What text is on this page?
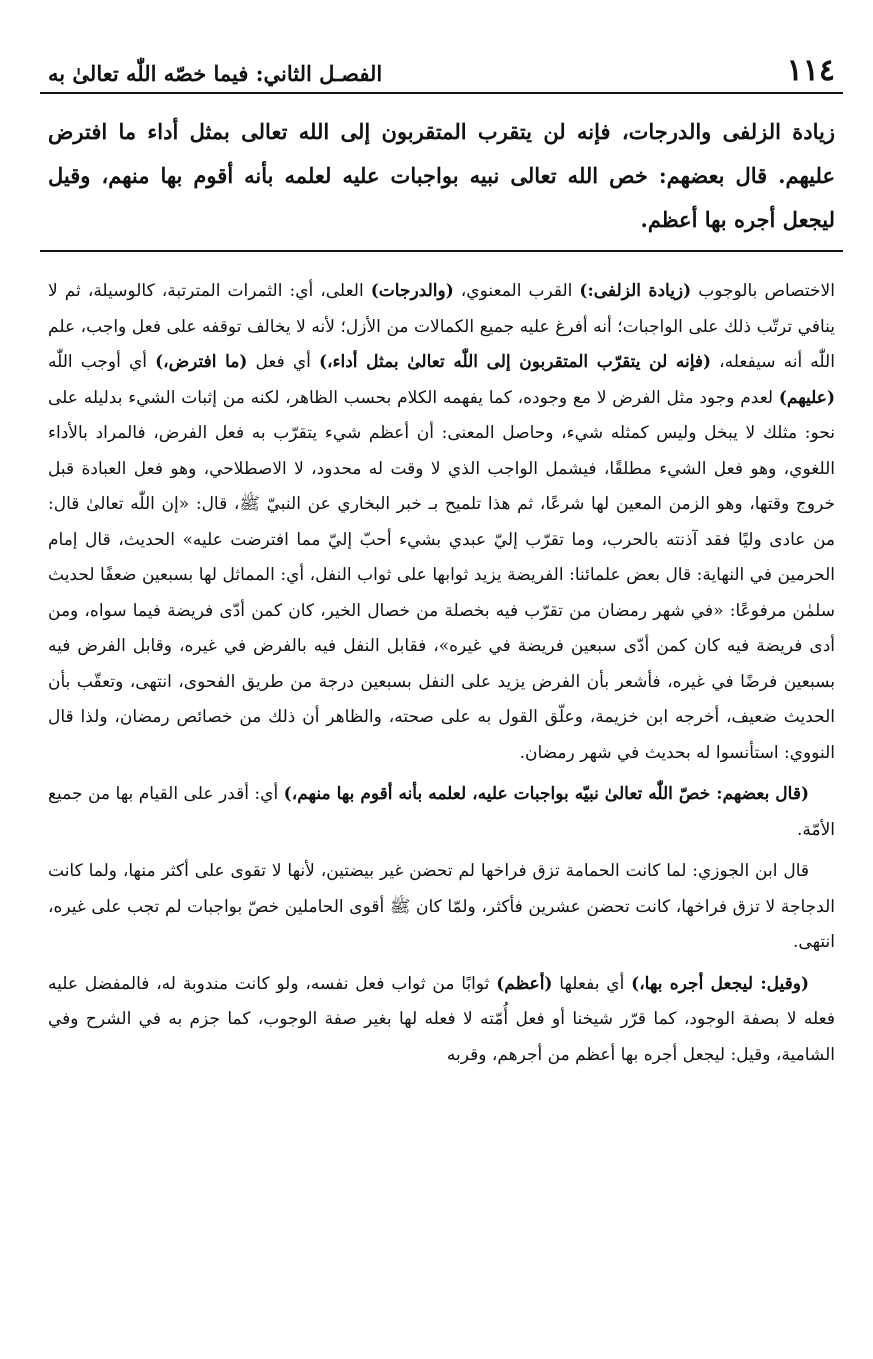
١١٤
الفصـل الثاني: فيما خصّه اللّٰه تعالىٰ به

زيادة الزلفى والدرجات، فإنه لن يتقرب المتقربون إلى الله تعالى بمثل أداء ما افترض عليهم. قال بعضهم: خص الله تعالى نبيه بواجبات عليه لعلمه بأنه أقوم بها منهم، وقيل ليجعل أجره بها أعظم.

الاختصاص بالوجوب (زيادة الزلفى:) القرب المعنوي، (والدرجات) العلى، أي: الثمرات المترتبة، كالوسيلة، ثم لا ينافي ترتّب ذلك على الواجبات؛ أنه أفرغ عليه جميع الكمالات من الأزل؛ لأنه لا يخالف توقفه على فعل واجب، علم اللّٰه أنه سيفعله، (فإنه لن يتقرّب المتقربون إلى اللّٰه تعالىٰ بمثل أداء،) أي فعل (ما افترض،) أي أوجب اللّٰه (عليهم) لعدم وجود مثل الفرض لا مع وجوده، كما يفهمه الكلام بحسب الظاهر، لكنه من إثبات الشيء بدليله على نحو: مثلك لا يبخل وليس كمثله شيء، وحاصل المعنى: أن أعظم شيء يتقرّب به فعل الفرض، فالمراد بالأداء اللغوي، وهو فعل الشيء مطلقًا، فيشمل الواجب الذي لا وقت له محدود، لا الاصطلاحي، وهو فعل العبادة قبل خروج وقتها، وهو الزمن المعين لها شرعًا، ثم هذا تلميح بـ خبر البخاري عن النبيّ ﷺ، قال: «إن اللّٰه تعالىٰ قال: من عادى وليًا فقد آذنته بالحرب، وما تقرّب إليّ عبدي بشيء أحبّ إليّ مما افترضت عليه» الحديث، قال إمام الحرمين في النهاية: قال بعض علمائنا: الفريضة يزيد ثوابها على ثواب النفل، أي: المماثل لها بسبعين ضعفًا لحديث سلمٰن مرفوعًا: «في شهر رمضان من تقرّب فيه بخصلة من خصال الخير، كان كمن أدّى فريضة فيما سواه، ومن أدى فريضة فيه كان كمن أدّى سبعين فريضة في غيره»، فقابل النفل فيه بالفرض في غيره، وقابل الفرض فيه بسبعين فرضًا في غيره، فأشعر بأن الفرض يزيد على النفل بسبعين درجة من طريق الفحوى، انتهى، وتعقّب بأن الحديث ضعيف، أخرجه ابن خزيمة، وعلّق القول به على صحته، والظاهر أن ذلك من خصائص رمضان، ولذا قال النووي: استأنسوا له بحديث في شهر رمضان.

(قال بعضهم: خصّ اللّٰه تعالىٰ نبيّه بواجبات عليه، لعلمه بأنه أقوم بها منهم،) أي: أقدر على القيام بها من جميع الأمّة.

قال ابن الجوزي: لما كانت الحمامة تزق فراخها لم تحضن غير بيضتين، لأنها لا تقوى على أكثر منها، ولما كانت الدجاجة لا تزق فراخها، كانت تحضن عشرين فأكثر، ولمّا كان ﷺ أقوى الحاملين خصّ بواجبات لم تجب على غيره، انتهى.

(وقيل: ليجعل أجره بها،) أي بفعلها (أعظم) ثوابًا من ثواب فعل نفسه، ولو كانت مندوبة له، فالمفضل عليه فعله لا بصفة الوجود، كما قرّر شيخنا أو فعل أُمّته لا فعله لها بغير صفة الوجوب، كما جزم به في الشرح وفي الشامية، وقيل: ليجعل أجره بها أعظم من أجرهم، وقربه
